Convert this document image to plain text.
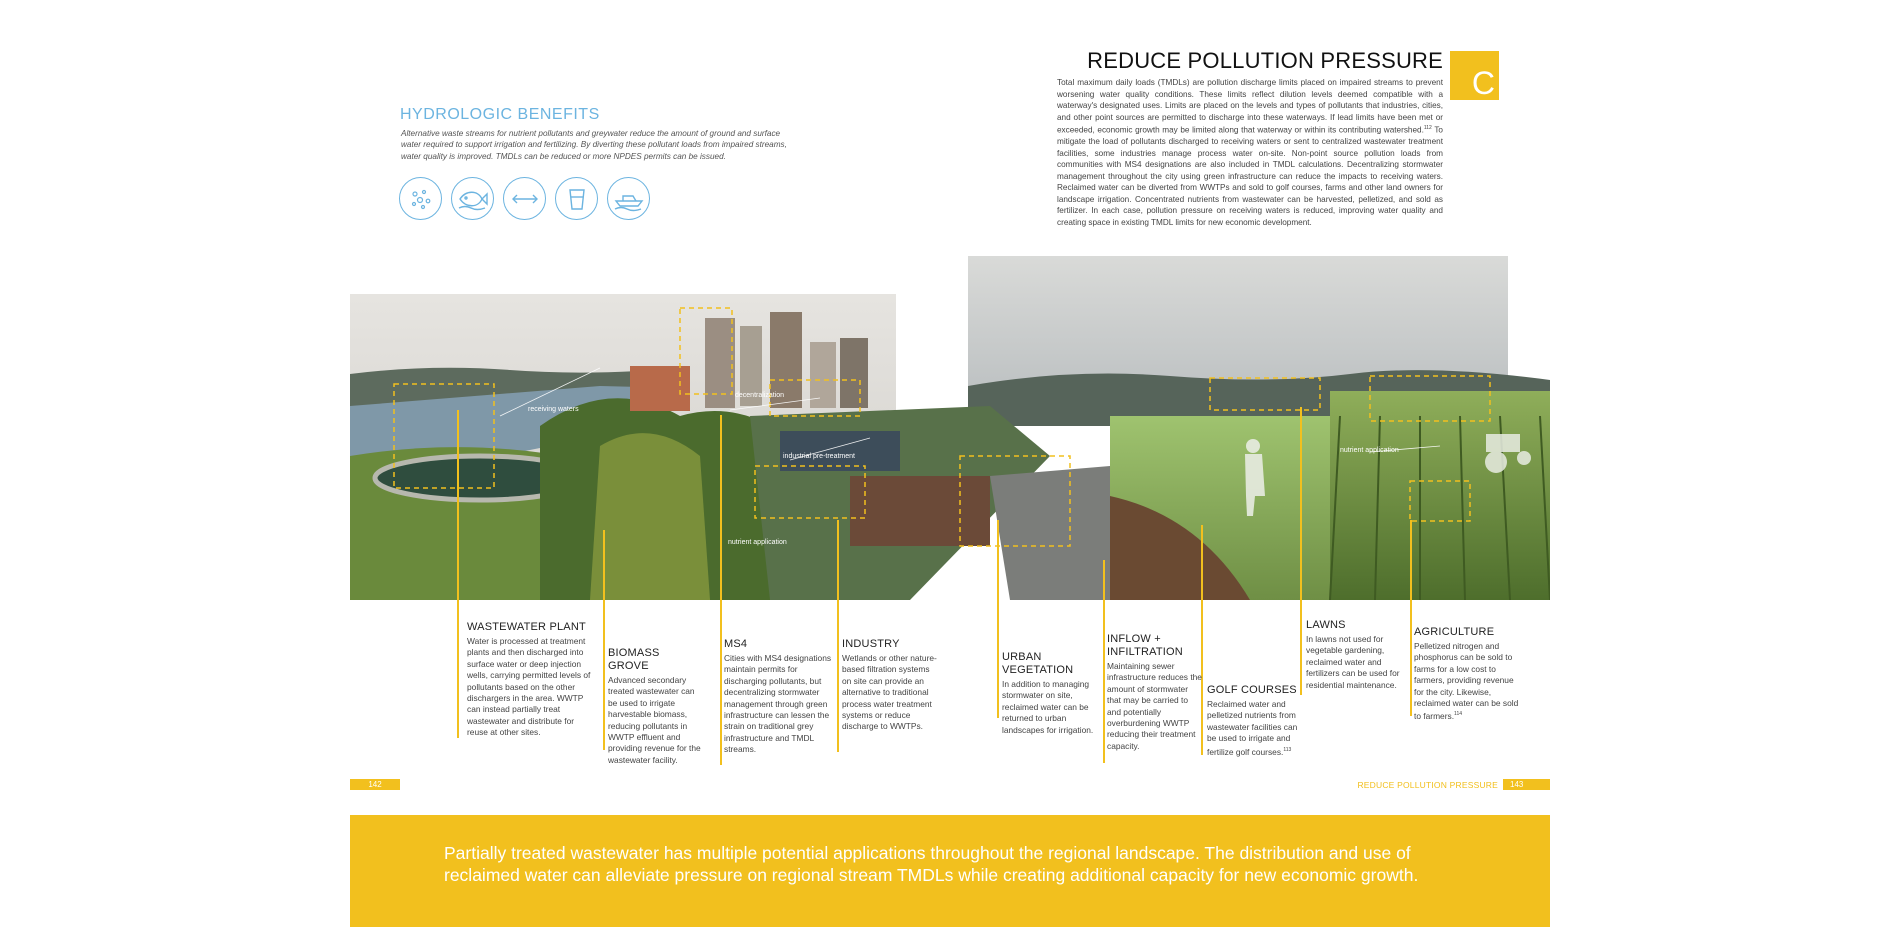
HYDROLOGIC BENEFITS
Alternative waste streams for nutrient pollutants and greywater reduce the amount of ground and surface water required to support irrigation and fertilizing. By diverting these pollutant loads from impaired streams, water quality is improved. TMDLs can be reduced or more NPDES permits can be issued.
REDUCE POLLUTION PRESSURE
C
Total maximum daily loads (TMDLs) are pollution discharge limits placed on impaired streams to prevent worsening water quality conditions. These limits reflect dilution levels deemed compatible with a waterway's designated uses. Limits are placed on the levels and types of pollutants that industries, cities, and other point sources are permitted to discharge into these waterways. If lead limits have been met or exceeded, economic growth may be limited along that waterway or within its contributing watershed.$^{112}$ To mitigate the load of pollutants discharged to receiving waters or sent to centralized wastewater treatment facilities, some industries manage process water on-site. Non-point source pollution loads from communities with MS4 designations are also included in TMDL calculations. Decentralizing stormwater management throughout the city using green infrastructure can reduce the impacts to receiving waters. Reclaimed water can be diverted from WWTPs and sold to golf courses, farms and other land owners for landscape irrigation. Concentrated nutrients from wastewater can be harvested, pelletized, and sold as fertilizer. In each case, pollution pressure on receiving waters is reduced, improving water quality and creating space in existing TMDL limits for new economic development.
receiving waters
decentralization
industrial pre-treatment
nutrient application
nutrient application
WASTEWATER PLANT
Water is processed at treatment plants and then discharged into surface water or deep injection wells, carrying permitted levels of pollutants based on the other dischargers in the area. WWTP can instead partially treat wastewater and distribute for reuse at other sites.
BIOMASS GROVE
Advanced secondary treated wastewater can be used to irrigate harvestable biomass, reducing pollutants in WWTP effluent and providing revenue for the wastewater facility.
MS4
Cities with MS4 designations maintain permits for discharging pollutants, but decentralizing stormwater management through green infrastructure can lessen the strain on traditional grey infrastructure and TMDL streams.
INDUSTRY
Wetlands or other nature-based filtration systems on site can provide an alternative to traditional process water treatment systems or reduce discharge to WWTPs.
URBAN VEGETATION
In addition to managing stormwater on site, reclaimed water can be returned to urban landscapes for irrigation.
INFLOW + INFILTRATION
Maintaining sewer infrastructure reduces the amount of stormwater that may be carried to and potentially overburdening WWTP reducing their treatment capacity.
GOLF COURSES
Reclaimed water and pelletized nutrients from wastewater facilities can be used to irrigate and fertilize golf courses.$^{113}$
LAWNS
In lawns not used for vegetable gardening, reclaimed water and fertilizers can be used for residential maintenance.
AGRICULTURE
Pelletized nitrogen and phosphorus can be sold to farms for a low cost to farmers, providing revenue for the city. Likewise, reclaimed water can be sold to farmers.$^{114}$
142	REDUCE POLLUTION PRESSURE	143

Partially treated wastewater has multiple potential applications throughout the regional landscape. The distribution and use of reclaimed water can alleviate pressure on regional stream TMDLs while creating additional capacity for new economic growth.
